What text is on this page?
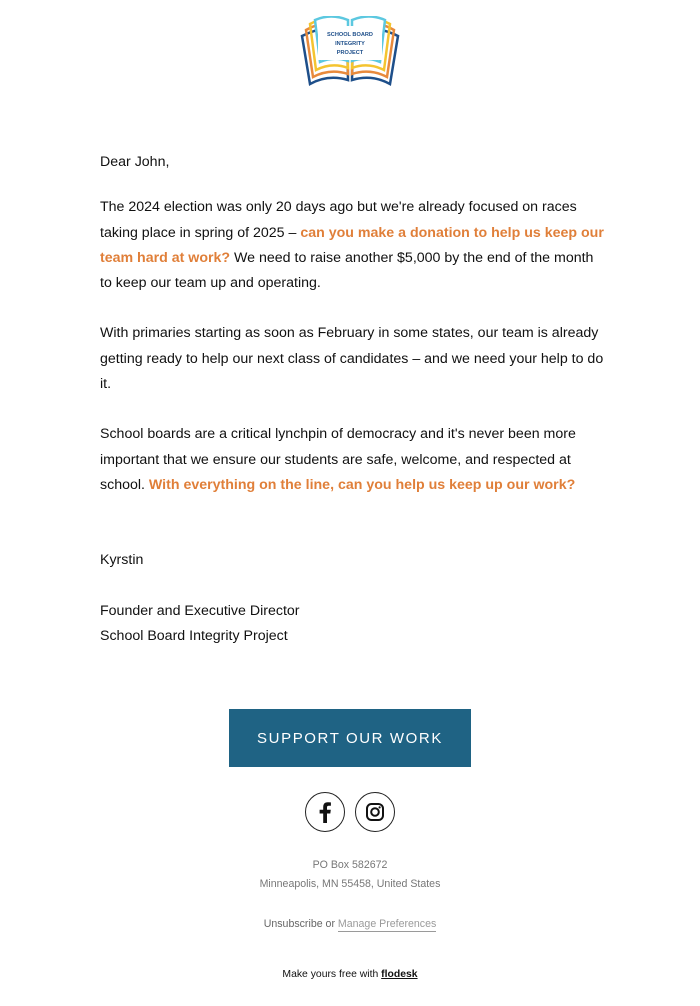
SCHOOL BOARD
INTEGRITY
PROJECT

Dear John,

The 2024 election was only 20 days ago but we're already focused on races taking place in spring of 2025 – can you make a donation to help us keep our team hard at work? We need to raise another $5,000 by the end of the month to keep our team up and operating.

With primaries starting as soon as February in some states, our team is already getting ready to help our next class of candidates – and we need your help to do it.

School boards are a critical lynchpin of democracy and it's never been more important that we ensure our students are safe, welcome, and respected at school. With everything on the line, can you help us keep up our work?

Kyrstin

Founder and Executive Director

School Board Integrity Project

SUPPORT OUR WORK
PO Box 582672
Minneapolis, MN 55458, United States
Unsubscribe or Manage Preferences
Make yours free with flodesk
